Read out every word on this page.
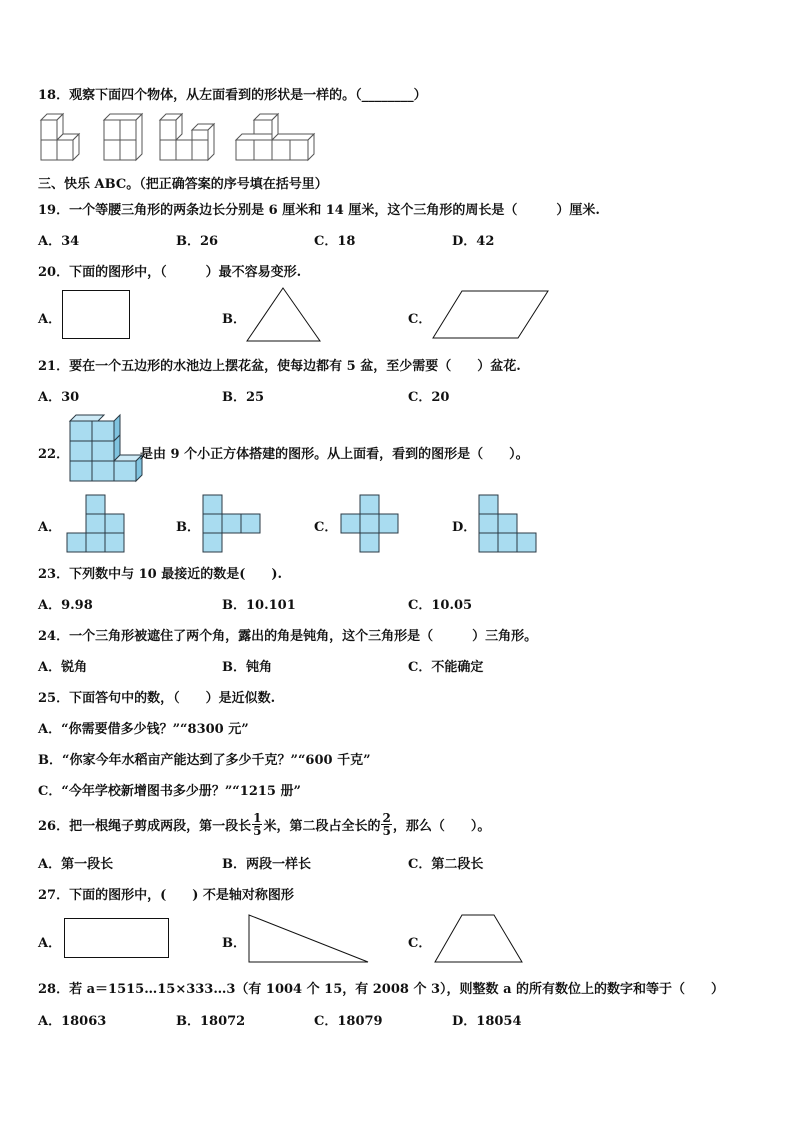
18．观察下面四个物体，从左面看到的形状是一样的。（________）
三、快乐 ABC。（把正确答案的序号填在括号里）
19．一个等腰三角形的两条边长分别是 6 厘米和 14 厘米，这个三角形的周长是（　　　）厘米.
A．34	B．26	C．18	D．42
20．下面的图形中，（　　　）最不容易变形.
A．	B．	C．
21．要在一个五边形的水池边上摆花盆，使每边都有 5 盆，至少需要（　　）盆花.
A．30	B．25	C．20
22．	是由 9 个小正方体搭建的图形。从上面看，看到的图形是（　　）。
A．	B．	C．	D．
23．下列数中与 10 最接近的数是(　　).
A．9.98	B．10.101	C．10.05
24．一个三角形被遮住了两个角，露出的角是钝角，这个三角形是（　　　）三角形。
A．锐角	B．钝角	C．不能确定
25．下面答句中的数，（　　）是近似数.
A．“你需要借多少钱？”“8300 元”
B．“你家今年水稻亩产能达到了多少千克？”“600 千克”
C．“今年学校新增图书多少册？”“1215 册”
26．把一根绳子剪成两段，第一段长 $\frac{1}{5}$ 米，第二段占全长的 $\frac{2}{5}$ ，那么（　　）。
A．第一段长	B．两段一样长	C．第二段长
27．下面的图形中，(　　) 不是轴对称图形
A．	B．	C．
28．若 a＝1515…15×333…3（有 1004 个 15，有 2008 个 3），则整数 a 的所有数位上的数字和等于（　　）
A．18063	B．18072	C．18079	D．18054
